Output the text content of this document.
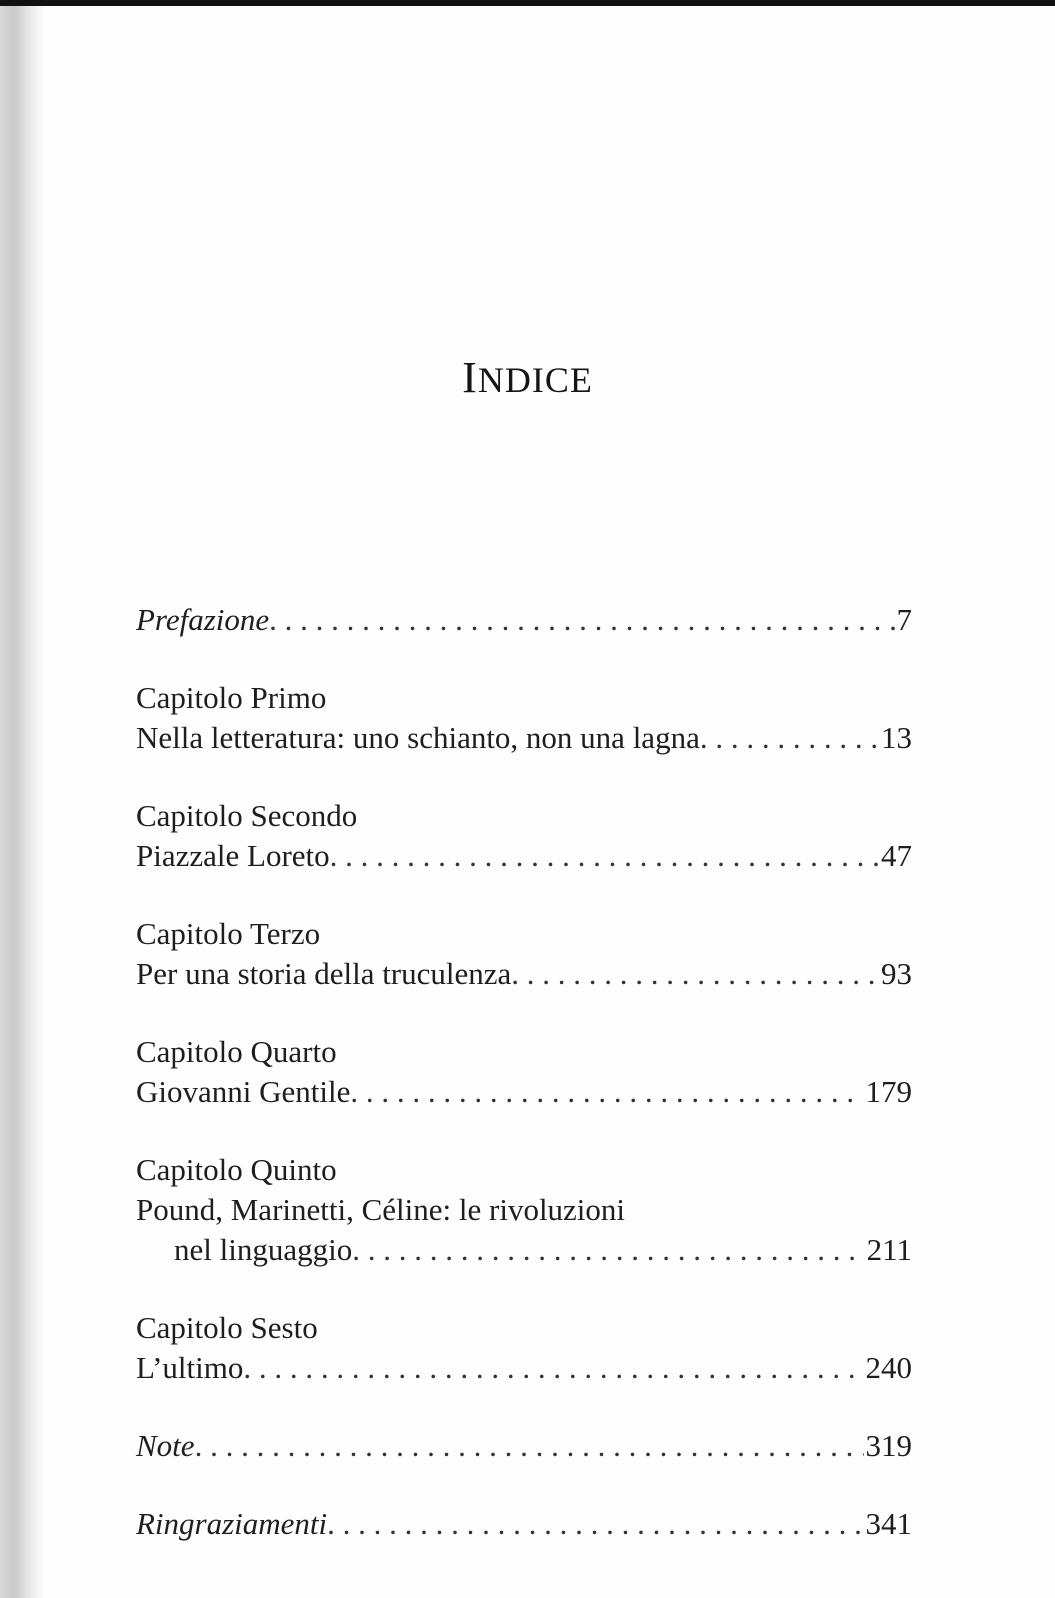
INDICE
Prefazione . . .	7
Capitolo Primo
Nella letteratura: uno schianto, non una lagna . . .	13
Capitolo Secondo
Piazzale Loreto . . .	47
Capitolo Terzo
Per una storia della truculenza . . .	93
Capitolo Quarto
Giovanni Gentile . . .	179
Capitolo Quinto
Pound, Marinetti, Céline: le rivoluzioni
nel linguaggio . . .	211
Capitolo Sesto
L’ultimo . . .	240
Note . . .	319
Ringraziamenti . . .	341
